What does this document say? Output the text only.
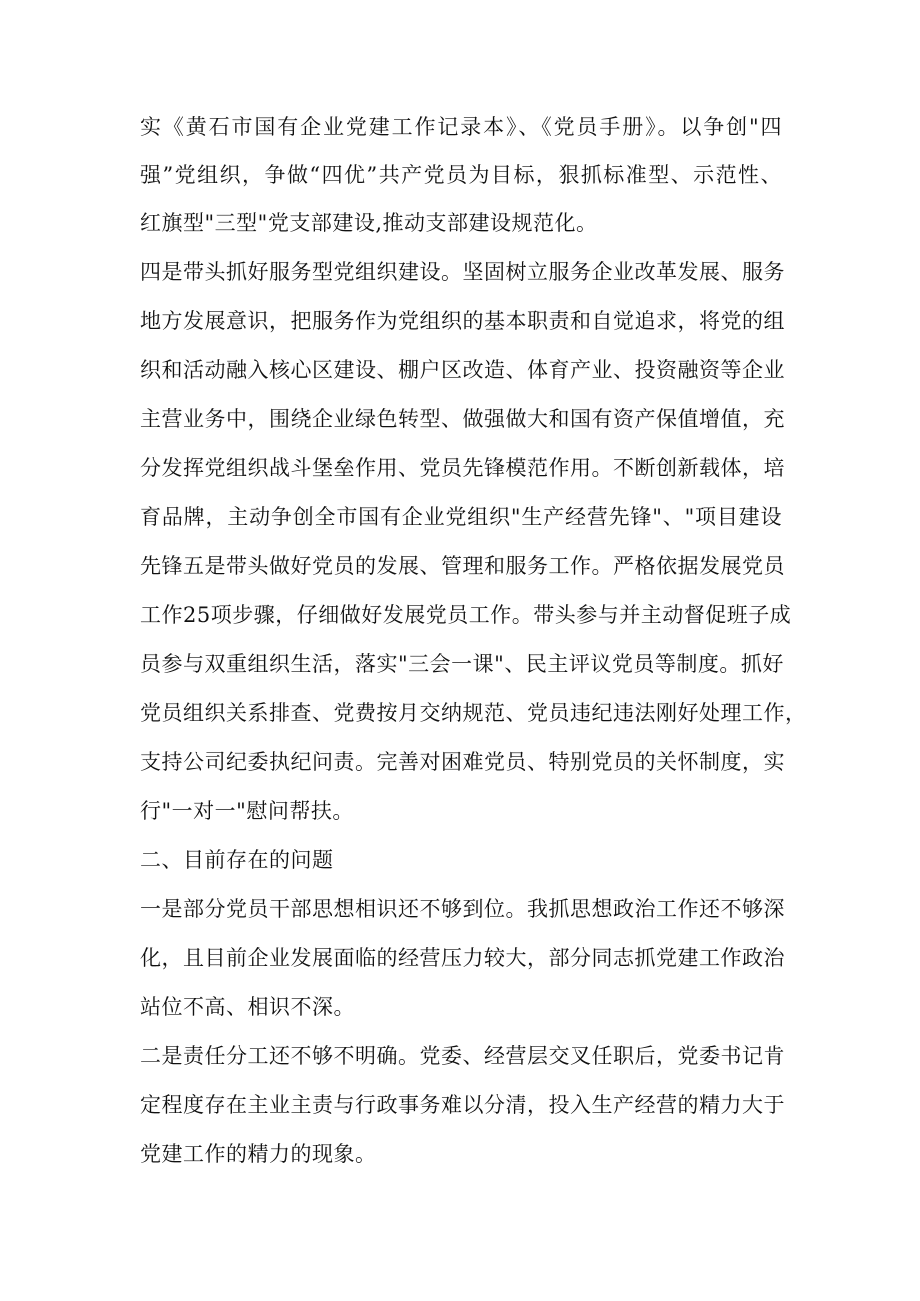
实《黄石市国有企业党建工作记录本》、《党员手册》。以争创"四
强”党组织，争做“四优”共产党员为目标，狠抓标准型、示范性、
红旗型"三型"党支部建设,推动支部建设规范化。
四是带头抓好服务型党组织建设。坚固树立服务企业改革发展、服务
地方发展意识，把服务作为党组织的基本职责和自觉追求，将党的组
织和活动融入核心区建设、棚户区改造、体育产业、投资融资等企业
主营业务中，围绕企业绿色转型、做强做大和国有资产保值增值，充
分发挥党组织战斗堡垒作用、党员先锋模范作用。不断创新载体，培
育品牌，主动争创全市国有企业党组织"生产经营先锋"、"项目建设
先锋五是带头做好党员的发展、管理和服务工作。严格依据发展党员
工作25项步骤，仔细做好发展党员工作。带头参与并主动督促班子成
员参与双重组织生活，落实"三会一课"、民主评议党员等制度。抓好
党员组织关系排查、党费按月交纳规范、党员违纪违法刚好处理工作，
支持公司纪委执纪问责。完善对困难党员、特别党员的关怀制度，实
行"一对一"慰问帮扶。
二、目前存在的问题
一是部分党员干部思想相识还不够到位。我抓思想政治工作还不够深
化，且目前企业发展面临的经营压力较大，部分同志抓党建工作政治
站位不高、相识不深。
二是责任分工还不够不明确。党委、经营层交叉任职后，党委书记肯
定程度存在主业主责与行政事务难以分清，投入生产经营的精力大于
党建工作的精力的现象。
